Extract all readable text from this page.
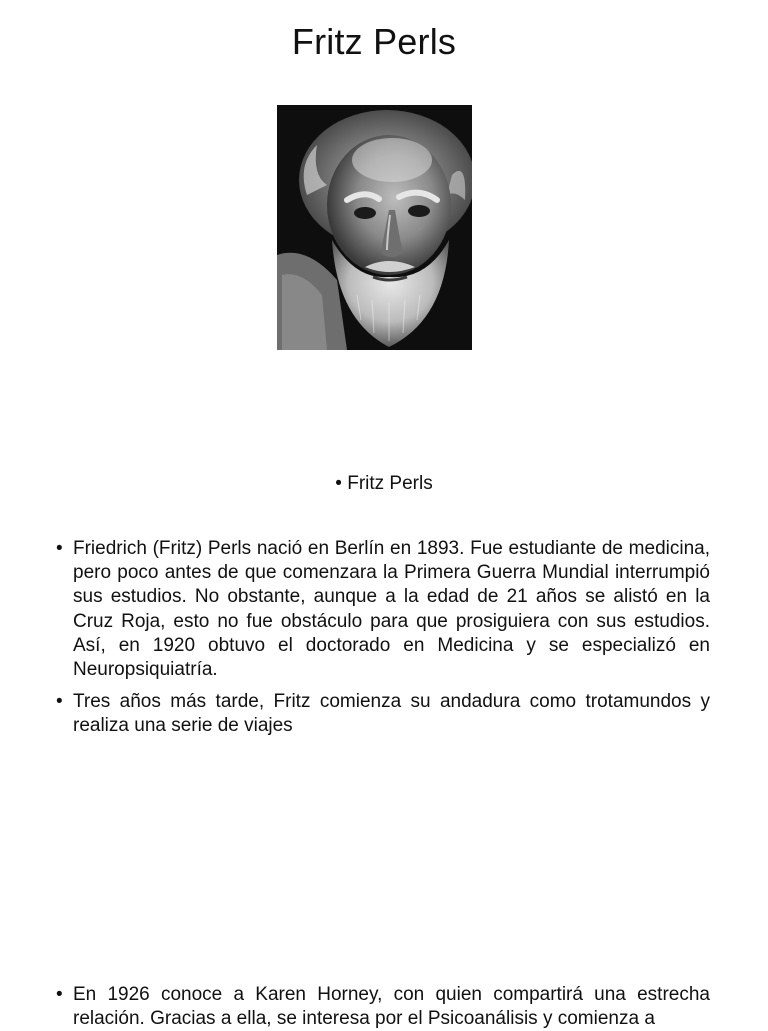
Fritz Perls
• Fritz Perls
• Friedrich (Fritz) Perls nació en Berlín en 1893. Fue estudiante de medicina, pero poco antes de que comenzara la Primera Guerra Mundial interrumpió sus estudios. No obstante, aunque a la edad de 21 años se alistó en la Cruz Roja, esto no fue obstáculo para que prosiguiera con sus estudios. Así, en 1920 obtuvo el doctorado en Medicina y se especializó en Neuropsiquiatría.
• Tres años más tarde, Fritz comienza su andadura como trotamundos y realiza una serie de viajes
• En 1926 conoce a Karen Horney, con quien compartirá una estrecha relación. Gracias a ella, se interesa por el Psicoanálisis y comienza a
